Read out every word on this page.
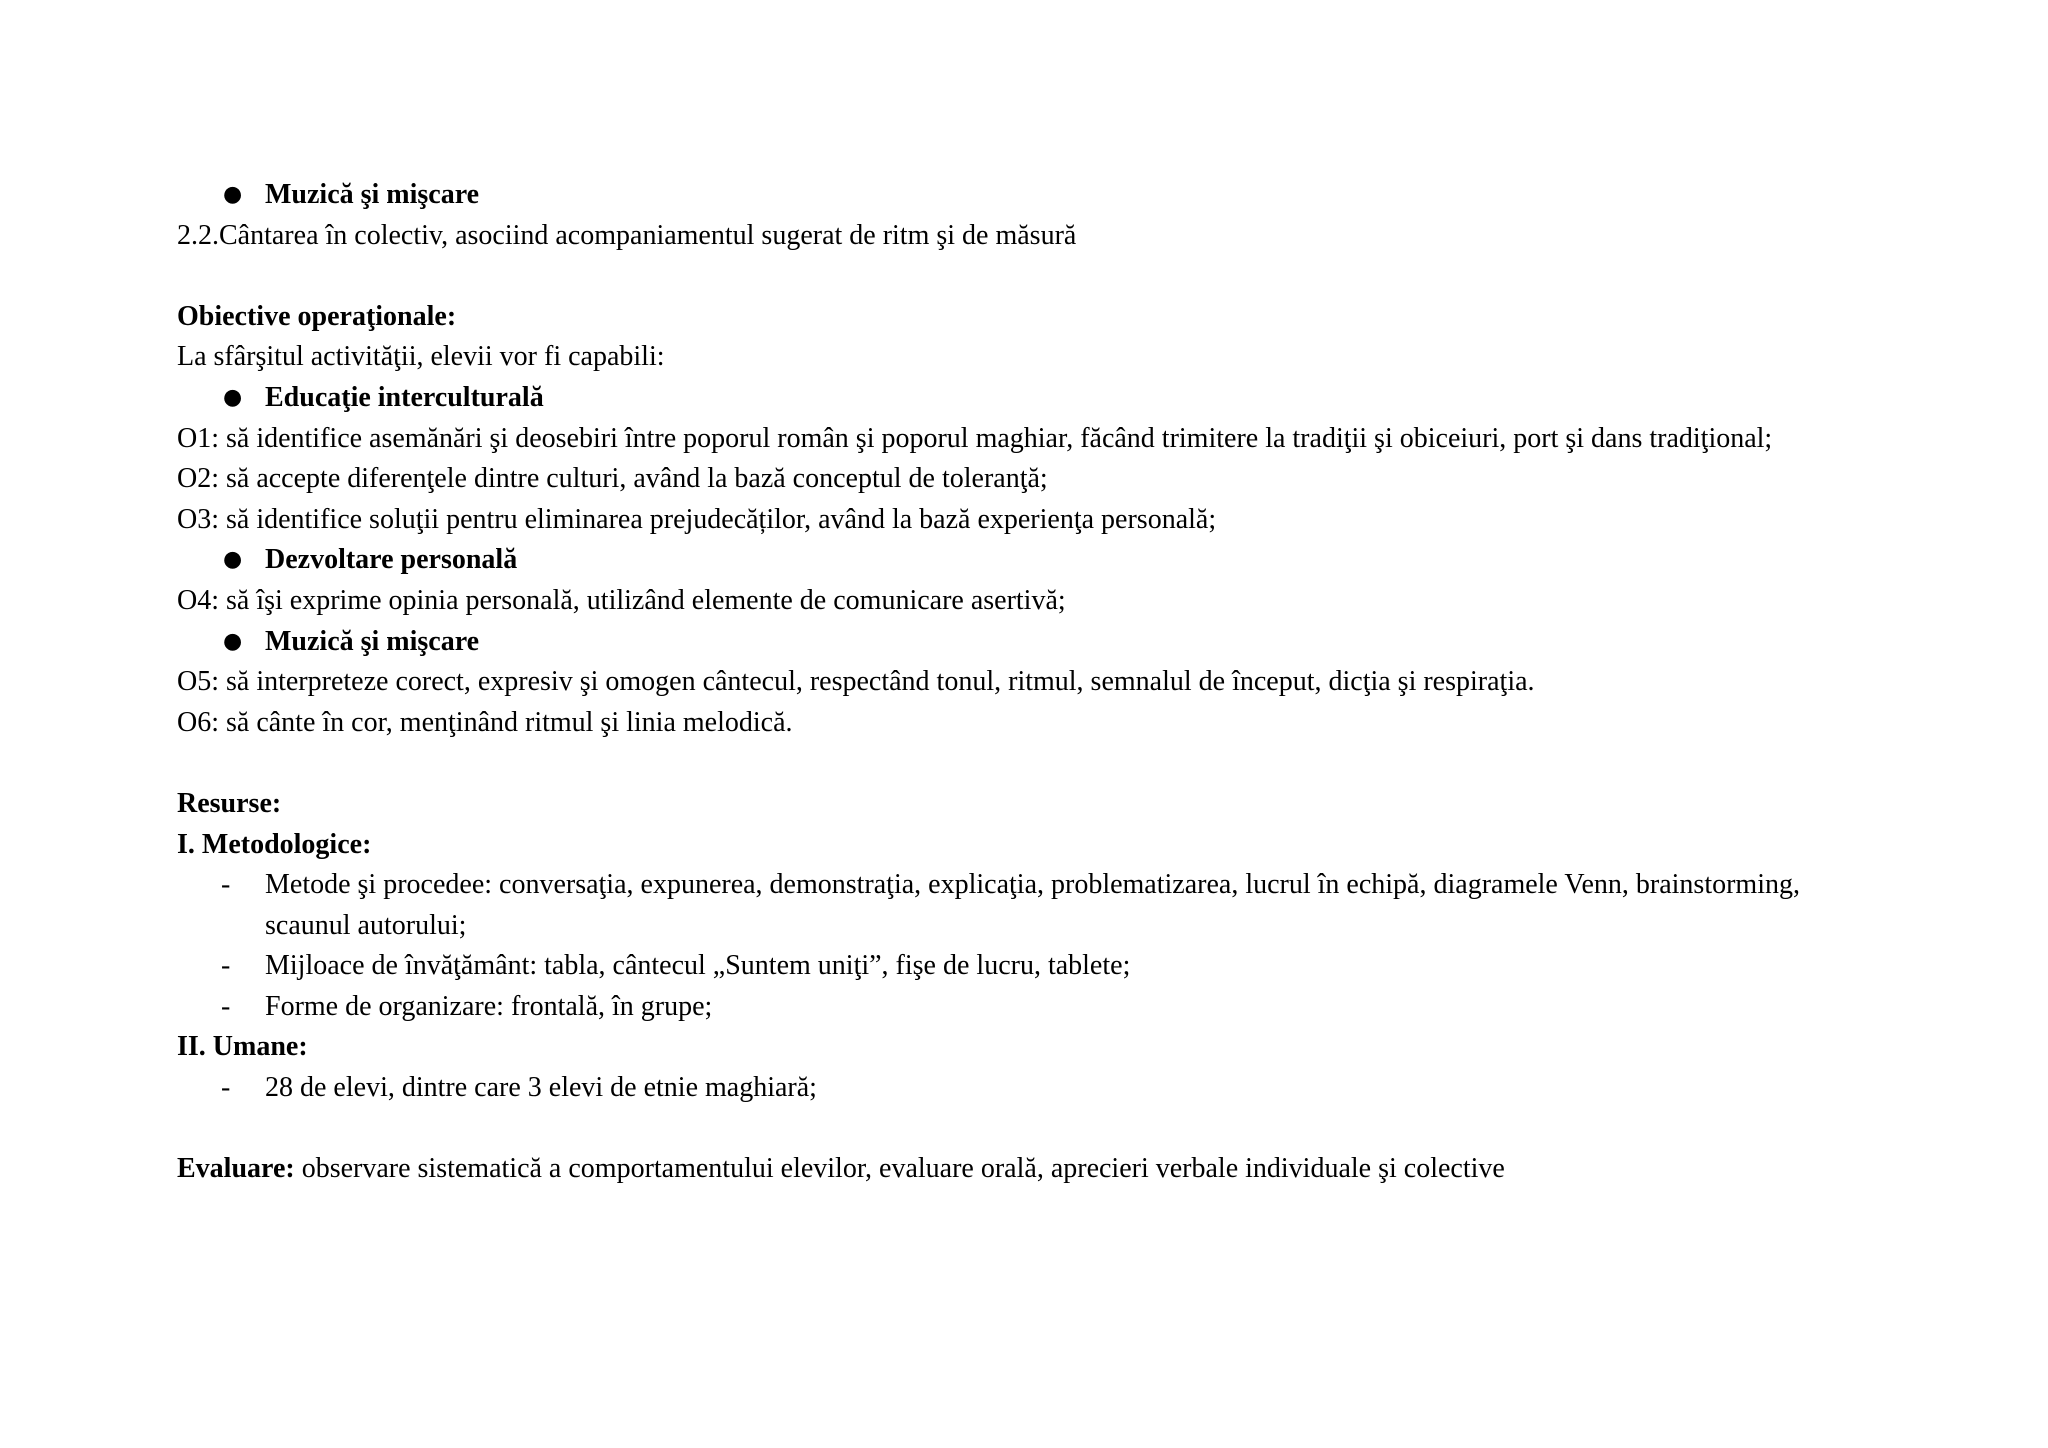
● Muzică şi mişcare
2.2.Cântarea în colectiv, asociind acompaniamentul sugerat de ritm şi de măsură
Obiective operaţionale:
La sfârşitul activităţii, elevii vor fi capabili:
● Educaţie interculturală
O1: să identifice asemănări şi deosebiri între poporul român şi poporul maghiar, făcând trimitere la tradiţii şi obiceiuri, port şi dans tradiţional;
O2: să accepte diferenţele dintre culturi, având la bază conceptul de toleranţă;
O3: să identifice soluţii pentru eliminarea prejudecăților, având la bază experienţa personală;
● Dezvoltare personală
O4: să îşi exprime opinia personală, utilizând elemente de comunicare asertivă;
● Muzică şi mişcare
O5: să interpreteze corect, expresiv şi omogen cântecul, respectând tonul, ritmul, semnalul de început, dicţia şi respiraţia.
O6: să cânte în cor, menţinând ritmul şi linia melodică.
Resurse:
I. Metodologice:
- Metode şi procedee: conversaţia, expunerea, demonstraţia, explicaţia, problematizarea, lucrul în echipă, diagramele Venn, brainstorming,
scaunul autorului;
- Mijloace de învăţământ: tabla, cântecul „Suntem uniţi”, fişe de lucru, tablete;
- Forme de organizare: frontală, în grupe;
II. Umane:
- 28 de elevi, dintre care 3 elevi de etnie maghiară;
Evaluare: observare sistematică a comportamentului elevilor, evaluare orală, aprecieri verbale individuale şi colective
